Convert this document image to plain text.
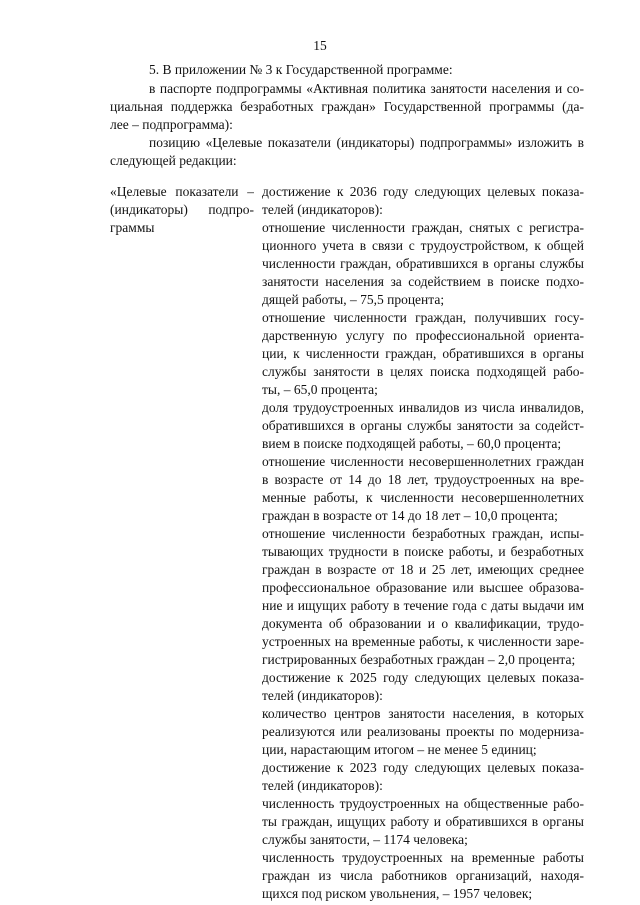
15
5. В приложении № 3 к Государственной программе:
в паспорте подпрограммы «Активная политика занятости населения и со-
циальная поддержка безработных граждан» Государственной программы (да-
лее – подпрограмма):
позицию «Целевые показатели (индикаторы) подпрограммы» изложить в
следующей редакции:
«Целевые показатели –
(индикаторы) подпро-
граммы
достижение к 2036 году следующих целевых показа-
телей (индикаторов):
отношение численности граждан, снятых с регистра-
ционного учета в связи с трудоустройством, к общей
численности граждан, обратившихся в органы службы
занятости населения за содействием в поиске подхо-
дящей работы, – 75,5 процента;
отношение численности граждан, получивших госу-
дарственную услугу по профессиональной ориента-
ции, к численности граждан, обратившихся в органы
службы занятости в целях поиска подходящей рабо-
ты, – 65,0 процента;
доля трудоустроенных инвалидов из числа инвалидов,
обратившихся в органы службы занятости за содейст-
вием в поиске подходящей работы, – 60,0 процента;
отношение численности несовершеннолетних граждан
в возрасте от 14 до 18 лет, трудоустроенных на вре-
менные работы, к численности несовершеннолетних
граждан в возрасте от 14 до 18 лет – 10,0 процента;
отношение численности безработных граждан, испы-
тывающих трудности в поиске работы, и безработных
граждан в возрасте от 18 и 25 лет, имеющих среднее
профессиональное образование или высшее образова-
ние и ищущих работу в течение года с даты выдачи им
документа об образовании и о квалификации, трудо-
устроенных на временные работы, к численности заре-
гистрированных безработных граждан – 2,0 процента;
достижение к 2025 году следующих целевых показа-
телей (индикаторов):
количество центров занятости населения, в которых
реализуются или реализованы проекты по модерниза-
ции, нарастающим итогом – не менее 5 единиц;
достижение к 2023 году следующих целевых показа-
телей (индикаторов):
численность трудоустроенных на общественные рабо-
ты граждан, ищущих работу и обратившихся в органы
службы занятости, – 1174 человека;
численность трудоустроенных на временные работы
граждан из числа работников организаций, находя-
щихся под риском увольнения, – 1957 человек;
